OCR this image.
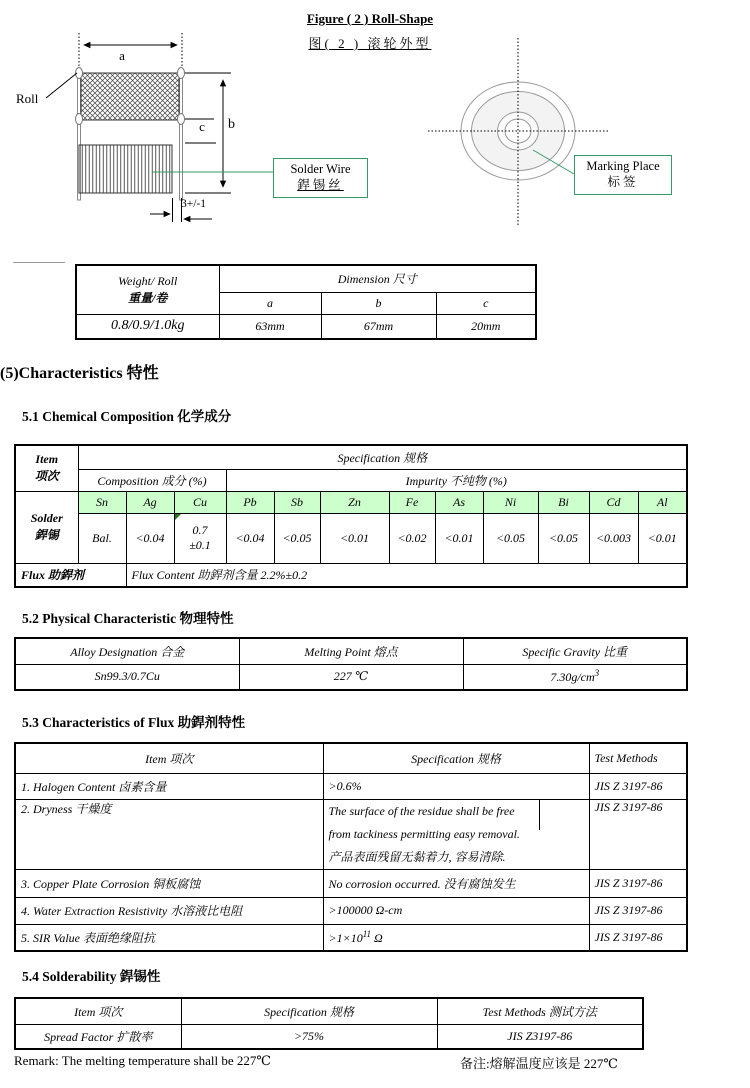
Figure ( 2 ) Roll-Shape
图( 2 ) 滚轮外型
Roll
a
c	b
3+/-1
Solder Wire
銲锡丝
Marking Place
标签
Weight/ Roll
重量/卷	Dimension 尺寸		
	a	b	c
0.8/0.9/1.0kg	63mm	67mm	20mm
(5)Characteristics 特性
5.1 Chemical Composition 化学成分
Item
项次	Specification 规格											
	Composition 成分 (%)			Impurity 不纯物 (%)								

Solder
銲锡	Sn	Ag	Cu	Pb	Sb	Zn	Fe	As	Ni	Bi	Cd	Al
	Bal.	<0.04	0.7
±0.1	<0.04	<0.05	<0.01	<0.02	<0.01	<0.05	<0.05	<0.003	<0.01
Flux 助銲剂		Flux Content 助銲剂含量 2.2%±0.2										
5.2 Physical Characteristic 物理特性
Alloy Designation 合金	Melting Point 熔点	Specific Gravity 比重
Sn99.3/0.7Cu	227 ℃	$7.30g/cm^3$
5.3 Characteristics of Flux 助銲剂特性
Item 项次	Specification 规格	Test Methods
1. Halogen Content 卤素含量	>0.6%	JIS Z 3197-86
2. Dryness 干燥度	The surface of the residue shall be free
from tackiness permitting easy removal.
产品表面残留无黏着力, 容易清除.	JIS Z 3197-86
3. Copper Plate Corrosion 铜板腐蚀	No corrosion occurred. 没有腐蚀发生	JIS Z 3197-86
4. Water Extraction Resistivity 水溶液比电阻	>100000 Ω-cm	JIS Z 3197-86
5. SIR Value 表面绝缘阻抗	$>1\times 10^{11}$ Ω	JIS Z 3197-86
5.4 Solderability 銲锡性
Item 项次	Specification 规格	Test Methods 测试方法
Spread Factor 扩散率	>75%	JIS Z3197-86
Remark: The melting temperature shall be 227℃	备注:熔解温度应该是 227℃
